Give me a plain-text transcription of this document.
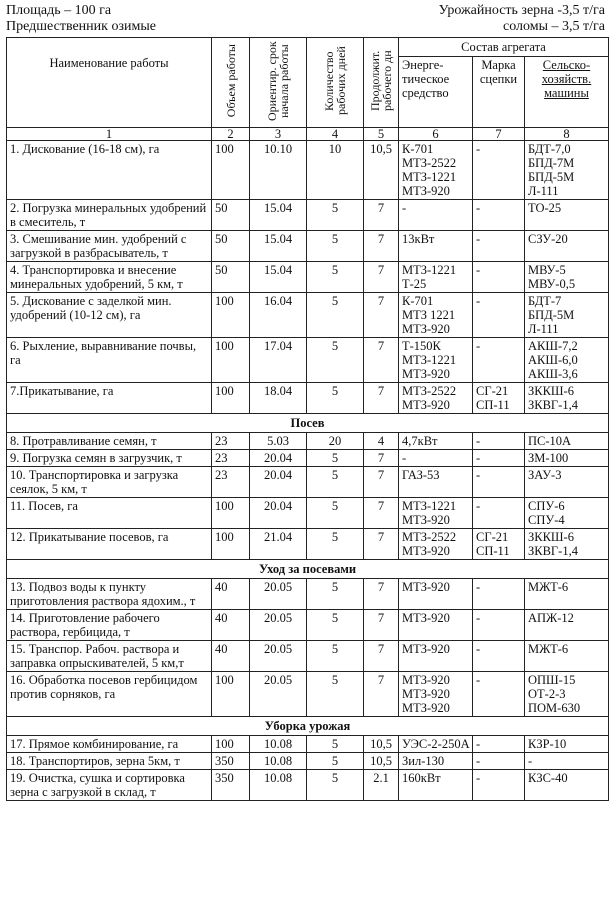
Площадь – 100 га
Предшественник озимые
Урожайность зерна -3,5 т/га
соломы – 3,5 т/га
Наименование работы	Объем работы	Ориентир. срок начала работы	Количество рабочих дней	Продолжит. рабочего дн	Состав агрегата		
					Энерге-тическое средство	Марка сцепки	Сельско-хозяйств. машины
1	2	3	4	5	6	7	8
1. Дискование (16-18 см), га	100	10.10	10	10,5	К-701
МТЗ-2522
МТЗ-1221
МТЗ-920	-	БДТ-7,0
БПД-7М
БПД-5М
Л-111

2. Погрузка минеральных удобрений в смеситель, т	50	15.04	5	7	-	-	ТО-25

3. Смешивание мин. удобрений с загрузкой в разбрасыватель, т	50	15.04	5	7	13кВт	-	СЗУ-20

4. Транспортировка и внесение минеральных удобрений, 5 км, т	50	15.04	5	7	МТЗ-1221
Т-25	-	МВУ-5
МВУ-0,5

5. Дискование с заделкой мин. удобрений (10-12 см), га	100	16.04	5	7	К-701
МТЗ 1221
МТЗ-920	-	БДТ-7
БПД-5М
Л-111

6. Рыхление, выравнивание почвы, га	100	17.04	5	7	Т-150К
МТЗ-1221
МТЗ-920	-	АКШ-7,2
АКШ-6,0
АКШ-3,6

7.Прикатывание, га	100	18.04	5	7	МТЗ-2522
МТЗ-920	СГ-21
СП-11	ЗККШ-6
ЗКВГ-1,4

Посев							
8. Протравливание семян, т	23	5.03	20	4	4,7кВт	-	ПС-10А

9. Погрузка семян в загрузчик, т	23	20.04	5	7	-	-	ЗМ-100

10. Транспортировка и загрузка сеялок, 5 км, т	23	20.04	5	7	ГАЗ-53	-	ЗАУ-3

11. Посев, га	100	20.04	5	7	МТЗ-1221
МТЗ-920	-	СПУ-6
СПУ-4

12. Прикатывание посевов, га	100	21.04	5	7	МТЗ-2522
МТЗ-920	СГ-21
СП-11	ЗККШ-6
ЗКВГ-1,4

Уход за посевами							
13. Подвоз воды к пункту приготовления раствора ядохим., т	40	20.05	5	7	МТЗ-920	-	МЖТ-6

14. Приготовление рабочего раствора, гербицида, т	40	20.05	5	7	МТЗ-920	-	АПЖ-12

15. Транспор. Рабоч. раствора и заправка опрыскивателей, 5 км,т	40	20.05	5	7	МТЗ-920	-	МЖТ-6

16. Обработка посевов гербицидом против сорняков, га	100	20.05	5	7	МТЗ-920
МТЗ-920
МТЗ-920	-	ОПШ-15
ОТ-2-3
ПОМ-630

Уборка урожая							
17. Прямое комбинирование, га	100	10.08	5	10,5	УЭС-2-250А	-	КЗР-10

18. Транспортиров, зерна 5км, т	350	10.08	5	10,5	Зил-130	-	-

19. Очистка, сушка и сортировка зерна с загрузкой в склад, т	350	10.08	5	2.1	160кВт	-	КЗС-40
